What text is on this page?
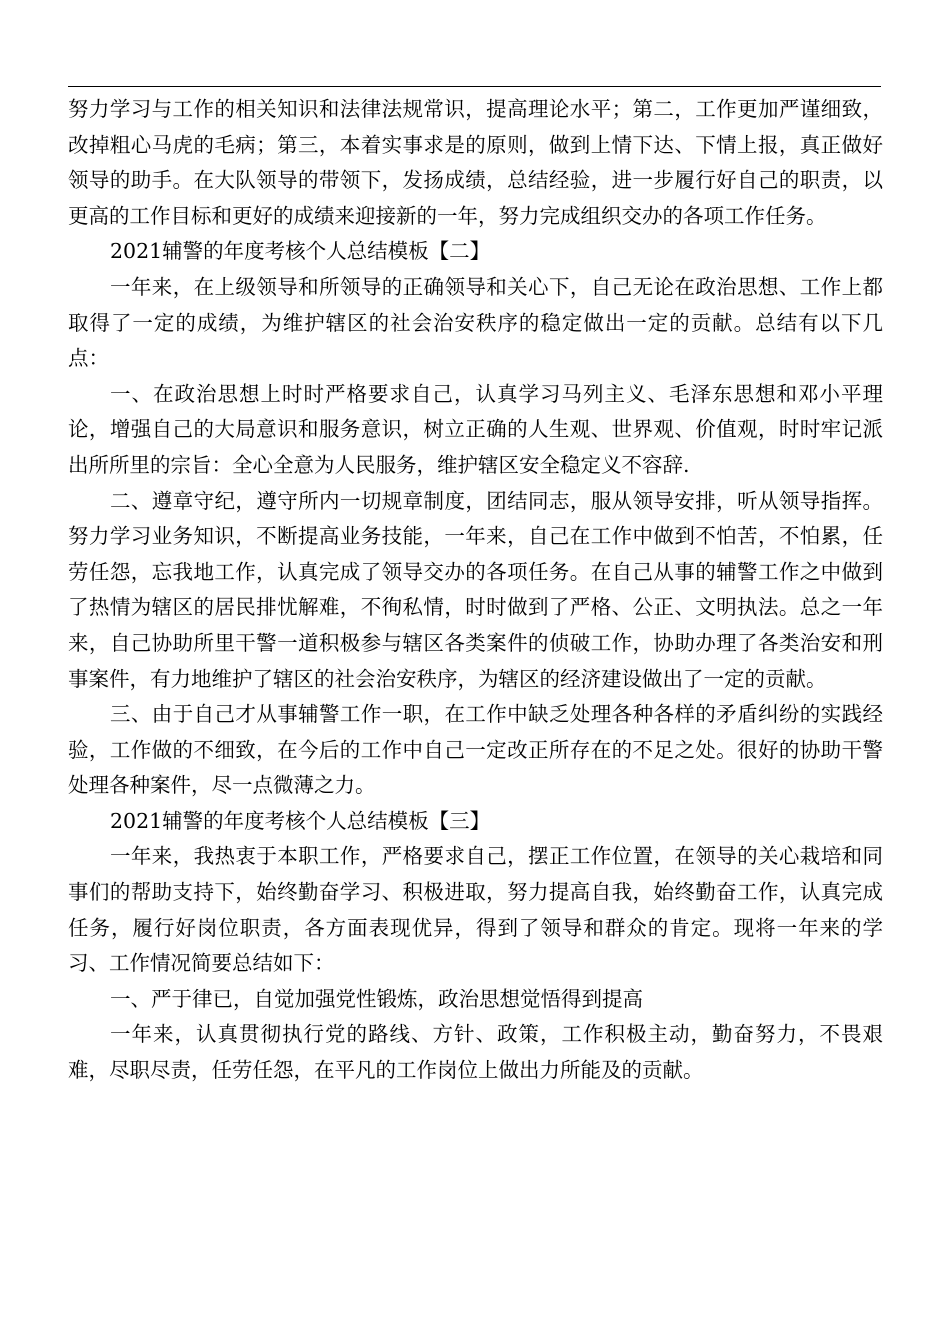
努力学习与工作的相关知识和法律法规常识，提高理论水平；第二，工作更加严谨细致，改掉粗心马虎的毛病；第三，本着实事求是的原则，做到上情下达、下情上报，真正做好领导的助手。在大队领导的带领下，发扬成绩，总结经验，进一步履行好自己的职责，以更高的工作目标和更好的成绩来迎接新的一年，努力完成组织交办的各项工作任务。

2021辅警的年度考核个人总结模板【二】

一年来，在上级领导和所领导的正确领导和关心下，自己无论在政治思想、工作上都取得了一定的成绩，为维护辖区的社会治安秩序的稳定做出一定的贡献。总结有以下几点：

一、在政治思想上时时严格要求自己，认真学习马列主义、毛泽东思想和邓小平理论，增强自己的大局意识和服务意识，树立正确的人生观、世界观、价值观，时时牢记派出所所里的宗旨：全心全意为人民服务，维护辖区安全稳定义不容辞.

二、遵章守纪，遵守所内一切规章制度，团结同志，服从领导安排，听从领导指挥。努力学习业务知识，不断提高业务技能，一年来，自己在工作中做到不怕苦，不怕累，任劳任怨，忘我地工作，认真完成了领导交办的各项任务。在自己从事的辅警工作之中做到了热情为辖区的居民排忧解难，不徇私情，时时做到了严格、公正、文明执法。总之一年来，自己协助所里干警一道积极参与辖区各类案件的侦破工作，协助办理了各类治安和刑事案件，有力地维护了辖区的社会治安秩序，为辖区的经济建设做出了一定的贡献。

三、由于自己才从事辅警工作一职，在工作中缺乏处理各种各样的矛盾纠纷的实践经验，工作做的不细致，在今后的工作中自己一定改正所存在的不足之处。很好的协助干警处理各种案件，尽一点微薄之力。

2021辅警的年度考核个人总结模板【三】

一年来，我热衷于本职工作，严格要求自己，摆正工作位置，在领导的关心栽培和同事们的帮助支持下，始终勤奋学习、积极进取，努力提高自我，始终勤奋工作，认真完成任务，履行好岗位职责，各方面表现优异，得到了领导和群众的肯定。现将一年来的学习、工作情况简要总结如下：

一、严于律已，自觉加强党性锻炼，政治思想觉悟得到提高

一年来，认真贯彻执行党的路线、方针、政策，工作积极主动，勤奋努力，不畏艰难，尽职尽责，任劳任怨，在平凡的工作岗位上做出力所能及的贡献。
